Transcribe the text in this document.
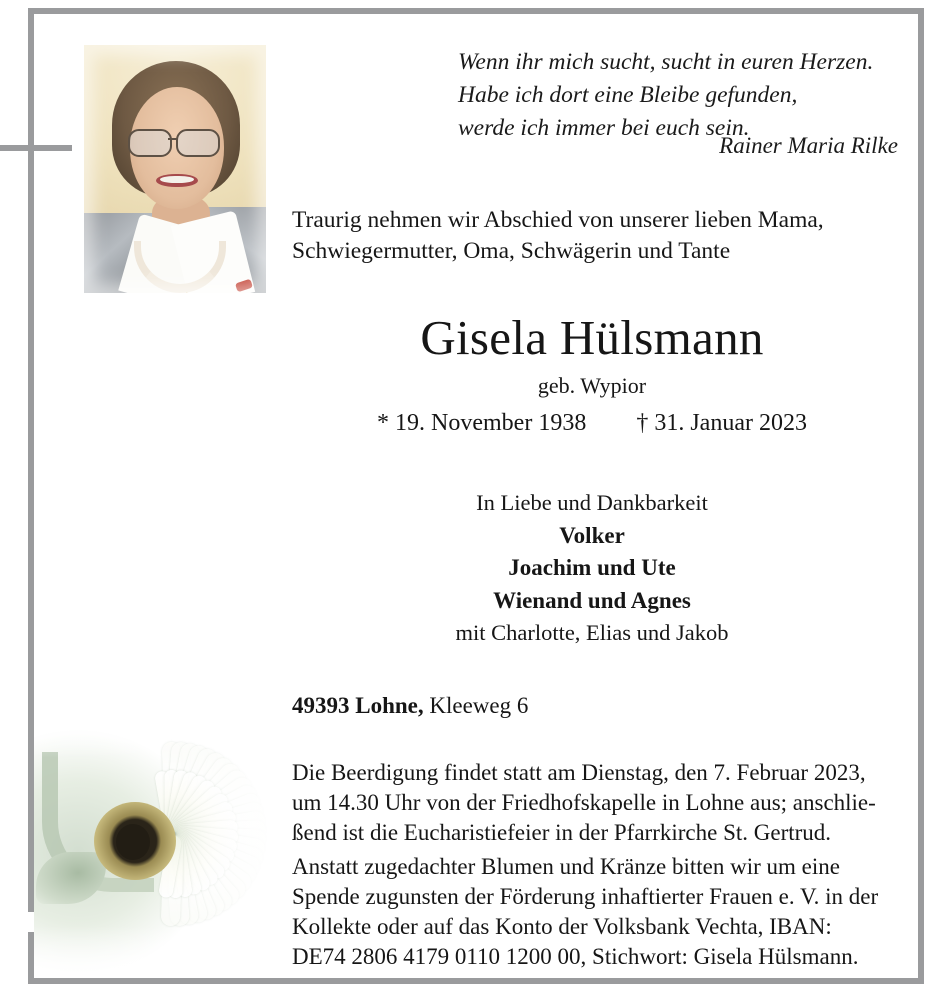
Wenn ihr mich sucht, sucht in euren Herzen.
Habe ich dort eine Bleibe gefunden,
werde ich immer bei euch sein.
Rainer Maria Rilke
Traurig nehmen wir Abschied von unserer lieben Mama,
Schwiegermutter, Oma, Schwägerin und Tante
Gisela Hülsmann
geb. Wypior
* 19. November 1938 † 31. Januar 2023
In Liebe und Dankbarkeit
Volker
Joachim und Ute
Wienand und Agnes
mit Charlotte, Elias und Jakob
49393 Lohne, Kleeweg 6
Die Beerdigung findet statt am Dienstag, den 7. Februar 2023,
um 14.30 Uhr von der Friedhofskapelle in Lohne aus; anschlie-
ßend ist die Eucharistiefeier in der Pfarrkirche St. Gertrud.
Anstatt zugedachter Blumen und Kränze bitten wir um eine
Spende zugunsten der Förderung inhaftierter Frauen e. V. in der
Kollekte oder auf das Konto der Volksbank Vechta, IBAN:
DE74 2806 4179 0110 1200 00, Stichwort: Gisela Hülsmann.
